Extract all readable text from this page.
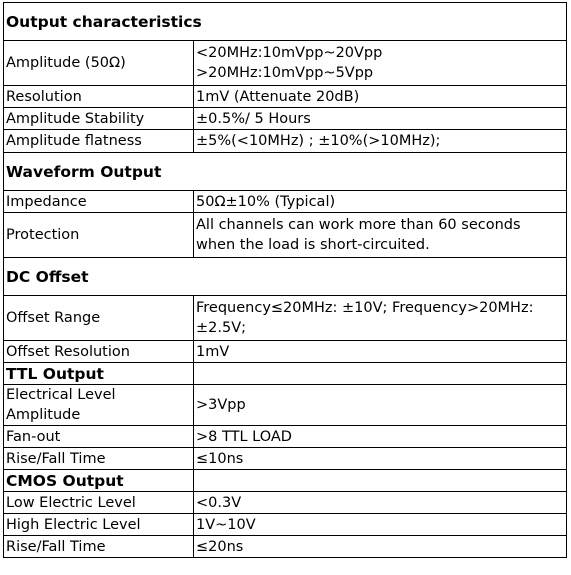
Output characteristics	
Amplitude (50Ω)	<20MHz:10mVpp~20Vpp
>20MHz:10mVpp~5Vpp
Resolution	1mV (Attenuate 20dB)
Amplitude Stability	±0.5%/ 5 Hours
Amplitude flatness	±5%(<10MHz) ; ±10%(>10MHz);
Waveform Output	
Impedance	50Ω±10% (Typical)
Protection	All channels can work more than 60 seconds when the load is short-circuited.
DC Offset	
Offset Range	Frequency≤20MHz: ±10V; Frequency>20MHz: ±2.5V;
Offset Resolution	1mV
TTL Output	
Electrical Level Amplitude	>3Vpp
Fan-out	>8 TTL LOAD
Rise/Fall Time	≤10ns
CMOS Output	
Low Electric Level	<0.3V
High Electric Level	1V~10V
Rise/Fall Time	≤20ns
